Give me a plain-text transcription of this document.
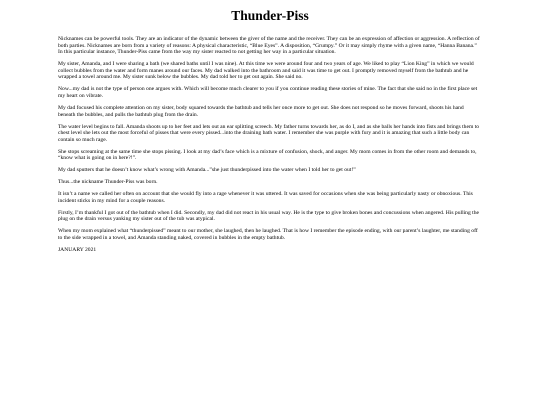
Thunder-Piss

Nicknames can be powerful tools. They are an indicator of the dynamic between the giver of the name and the receiver. They can be an expression of affection or aggression. A reflection of both parties. Nicknames are born from a variety of reasons: A physical characteristic, “Blue Eyes”. A disposition, “Grumpy.” Or it may simply rhyme with a given name, “Hanna Banana.” In this particular instance, Thunder-Piss came from the way my sister reacted to not getting her way in a particular situation.

My sister, Amanda, and I were sharing a bath (we shared baths until I was nine). At this time we were around four and two years of age. We liked to play “Lion King” in which we would collect bubbles from the water and form manes around our faces. My dad walked into the bathroom and said it was time to get out. I promptly removed myself from the bathtub and he wrapped a towel around me. My sister sunk below the bubbles. My dad told her to get out again. She said no.

Now...my dad is not the type of person one argues with. Which will become much clearer to you if you continue reading these stories of mine. The fact that she said no in the first place set my heart on vibrate.

My dad focused his complete attention on my sister, body squared towards the bathtub and tells her once more to get out. She does not respond so he moves forward, shoots his hand beneath the bubbles, and pulls the bathtub plug from the drain.

The water level begins to fall. Amanda shoots up to her feet and lets out an ear splitting screech. My father turns towards her, as do I, and as she balls her hands into fists and brings them to chest level she lets out the most forceful of pisses that were every pissed...into the draining bath water. I remember she was purple with fury and it is amazing that such a little body can contain so much rage.

She stops screaming at the same time she stops pissing. I look at my dad’s face which is a mixture of confusion, shock, and anger. My mom comes in from the other room and demands to, “know what is going on in here?!”.

My dad sputters that he doesn’t know what’s wrong with Amanda...”she just thunderpissed into the water when I told her to get out!”

Thus...the nickname Thunder-Piss was born.

It isn’t a name we called her often on account that she would fly into a rage whenever it was uttered. It was saved for occasions when she was being particularly nasty or obnoxious. This incident sticks in my mind for a couple reasons.

Firstly, I’m thankful I got out of the bathtub when I did. Secondly, my dad did not react in his usual way. He is the type to give broken bones and concussions when angered. His pulling the plug on the drain versus yanking my sister out of the tub was atypical.

When my mom explained what “thunderpissed” meant to our mother, she laughed, then he laughed. That is how I remember the episode ending, with our parent’s laughter, me standing off to the side wrapped in a towel, and Amanda standing naked, covered in bubbles in the empty bathtub.

JANUARY 2021
